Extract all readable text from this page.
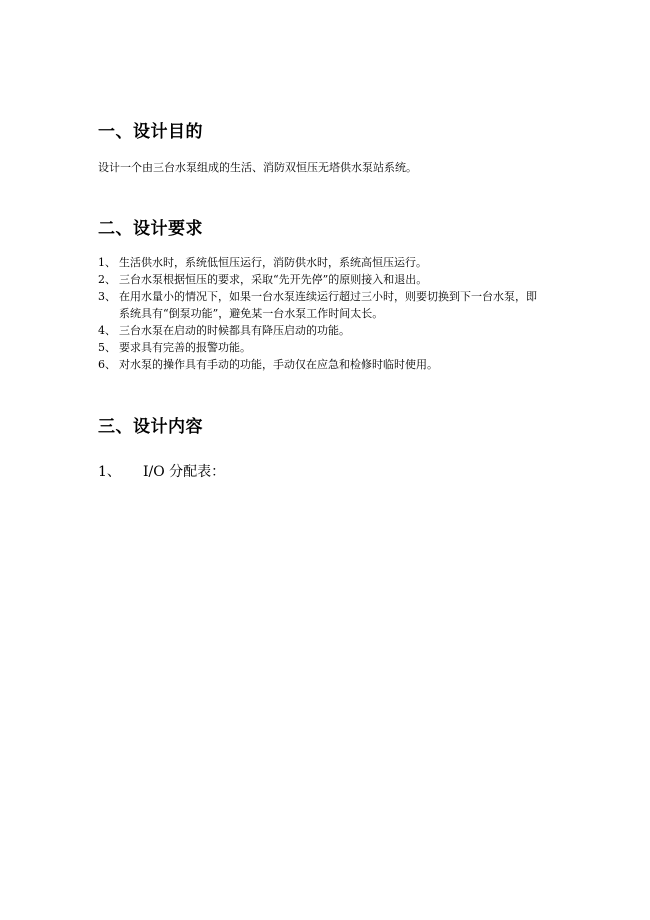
一、设计目的

设计一个由三台水泵组成的生活、消防双恒压无塔供水泵站系统。

二、设计要求
1、 生活供水时，系统低恒压运行，消防供水时，系统高恒压运行。
2、 三台水泵根据恒压的要求，采取“先开先停”的原则接入和退出。
3、 在用水量小的情况下，如果一台水泵连续运行超过三小时，则要切换到下一台水泵，即
系统具有“倒泵功能”，避免某一台水泵工作时间太长。
4、 三台水泵在启动的时候都具有降压启动的功能。
5、 要求具有完善的报警功能。
6、 对水泵的操作具有手动的功能，手动仅在应急和检修时临时使用。
三、设计内容
1、	I/O 分配表：
